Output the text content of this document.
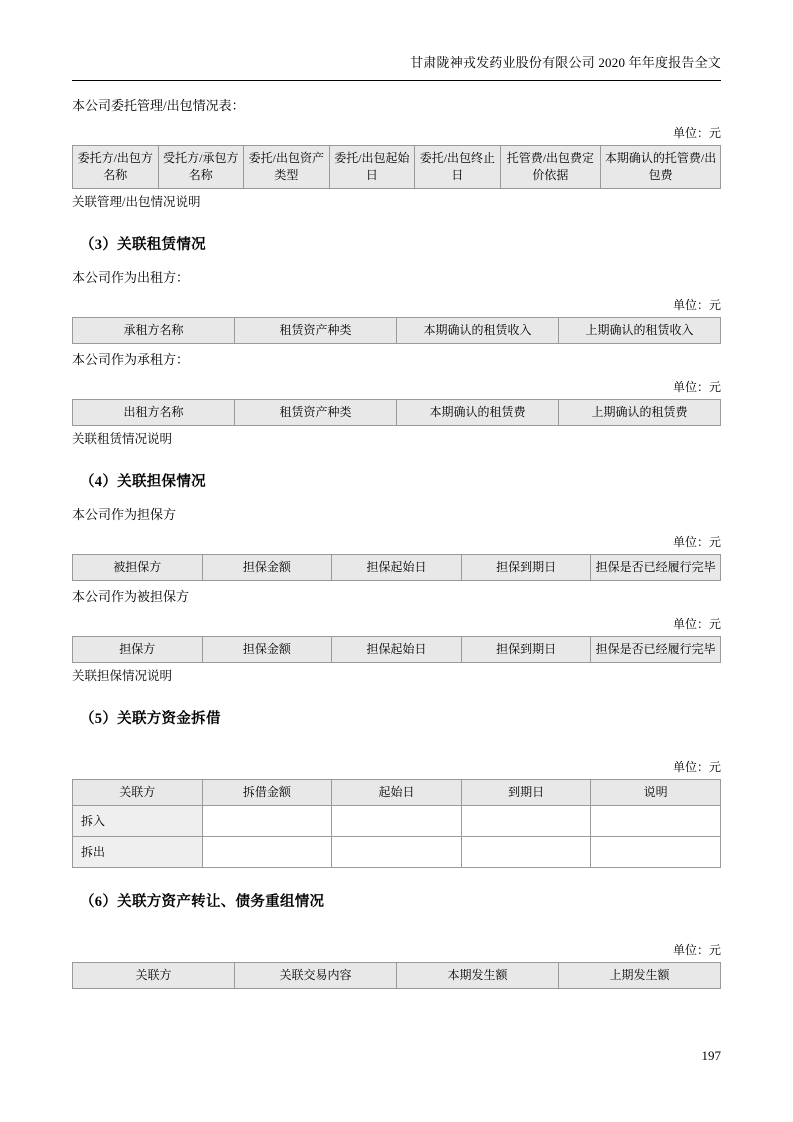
甘肃陇神戎发药业股份有限公司 2020 年年度报告全文
本公司委托管理/出包情况表：
单位：元
委托方/出包方名称	受托方/承包方名称	委托/出包资产类型	委托/出包起始日	委托/出包终止日	托管费/出包费定价依据	本期确认的托管费/出包费
关联管理/出包情况说明
（3）关联租赁情况
本公司作为出租方：
单位：元
承租方名称	租赁资产种类	本期确认的租赁收入	上期确认的租赁收入
本公司作为承租方：
单位：元
出租方名称	租赁资产种类	本期确认的租赁费	上期确认的租赁费
关联租赁情况说明
（4）关联担保情况
本公司作为担保方
单位：元
被担保方	担保金额	担保起始日	担保到期日	担保是否已经履行完毕
本公司作为被担保方
单位：元
担保方	担保金额	担保起始日	担保到期日	担保是否已经履行完毕
关联担保情况说明
（5）关联方资金拆借
单位：元
关联方	拆借金额	起始日	到期日	说明
拆入				
拆出				
（6）关联方资产转让、债务重组情况
单位：元
关联方	关联交易内容	本期发生额	上期发生额
197
